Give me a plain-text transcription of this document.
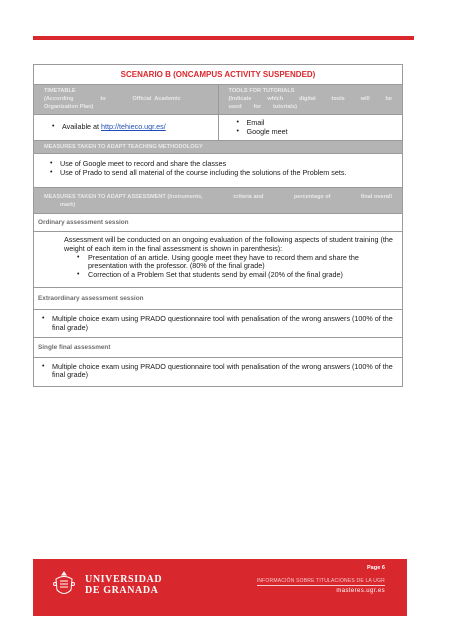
SCENARIO B (ONCAMPUS ACTIVITY SUSPENDED)
TIMETABLE
(According	to	Official  Academic
Organization Plan)
TOOLS FOR TUTORIALS
(Indicate	which	digital	tools	will	be
used for tutorials)
• Available at http://tehieco.ugr.es/
•	Email
• Google meet
MEASURES TAKEN TO ADAPT TEACHING METHODOLOGY
• Use of Google meet to record and share the classes
• Use of Prado to send all material of the course including the solutions of the Problem sets.
MEASURES TAKEN TO ADAPT ASSESSMENT (Instruments,	criteria and	percentage of	final overall
mark)
Ordinary assessment session

Assessment will be conducted on an ongoing evaluation of the following aspects of student training (the weight of each item in the final assessment is shown in parenthesis):

• Presentation of an article. Using google meet they have to record them and share the presentation with the professor. (80% of the final grade)
• Correction of a Problem Set that students send by email (20% of the final grade)
Extraordinary assessment session
• Multiple choice exam using PRADO questionnaire tool with penalisation of the wrong answers (100% of the final grade)
Single final assessment
• Multiple choice exam using PRADO questionnaire tool with penalisation of the wrong answers (100% of the final grade)
UNIVERSIDAD
DE GRANADA
Page 6
INFORMACIÓN SOBRE TITULACIONES DE LA UGR
masteres.ugr.es
